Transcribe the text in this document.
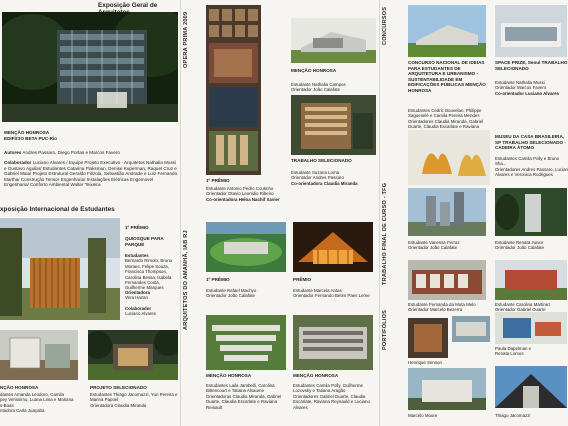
Exposição Geral de
MENÇÃO HONROSA
EDIFÍCIO BETA PUC-Rio
Autores Andres Passaro, Diego Portas e Marcos Favero
Colaborador Luciano Alvares / Equipe Projeto Executivo - Arquitetos Nathalia Mussi e Gustavo Aguilar/ Estudantes Catarina Flaksman, Denise Kuperman, Raquel Cruz e Gabriel Maia/ Projeto Estrutural Geraldo Filizola, Sebastião Andrade e Luiz Fernando Martha/ Construção Tensor Engenharia/ Instalações Elétricas Engemovel Engenharia/ Conforto Ambiental Walter Teixeira
xposição Internacional de Estudantes
1º PRÊMIO
QUIOSQUE PARA PARQUE
Estudantes
Bernardo Rimolo, Bruno Moraes, Felipe Souza, Francisca Thompson, Carolina Bessa, Isabela Fernandes Costa, Guilherme Marques
Orientadora
Vera Hazan
Colaborador
Luciano Alvares
NÇÃO HONROSA
dantes Amanda Leodoro, Camila
pey Verissimo, Luana Lima e Mariana
s-Boas
ntadora Carla Juaçaba
PROJETO SELECIONADO
Estudantes Thiago Jacomazzi, Yuri Pereira e Marina Papoel
Orientadora Claudia Miranda
OPERA PRIMA 2009
ARQUITETOS DO AMANHÃ, IAB RJ
1º PRÊMIO
Estudante Antonio Pedro Coutinho
Orientador Otavio Leonidio Ribeiro
Co-orientadora Heloa Nachif Xavier
MENÇÃO HONROSA
Estudante Nathalia Campos
Orientador João Calafate
TRABALHO SELECIONADO
Estudante Suzana Loma
Orientador Andres Passaro
Co-orientadora Claudia Miranda
1º PRÊMIO
Estudante Rafael Machyo
Orientador João Calafate
PRÊMIO
Estudante Marcela Antas
Orientador Fernando Betim Paes Leme
MENÇÃO HONROSA
Estudantes Laila Jambelli, Carolina Bittencourt e Tatiana Alsaume
Orientadoras Claudia Miranda, Gabriel Duarte, Claudia Escarlate e Raviana Reinault
MENÇÃO HONROSA
Estudantes Camila Polly, Guilherme Lozovsky e Tatiana Aragão
Orientadores Gabriel Duarte, Claudia Escarlate, Raviana Reynauld e Luciano Alvares
CONCURSOS
TRABALHO FINAL DE CURSO - TFG
PORTIFÓLIOS
CONCURSO NACIONAL DE IDEIAS PARA ESTUDANTES DE ARQUITETURA E URBANISMO - SUSTENTABILIDADE EM EDIFICAÇÕES PÚBLICAS MENÇÃO HONROSA
SPACE PRIZE, Seoul TRABALHO SELECIONADO
Estudante Nathalia Mussi
Orientador Marcos Favero
Co-orientador Luciano Alvares
Estudantes Cédric Bouvelan, Philippe Sagueselé e Camila Pereira Mendes
Orientadores Claudia Miranda, Gabriel Duarte, Claudia Escarlate e Raviana
MUSEU DA CASA BRASILEIRA, SP TRABALHO SELECIONADO - CADEIRA ÁTOMO
Estudantes Camila Polly e Bruno Sha...
Orientadores Andres Passaro, Lucian Alvares e Veronica Rodrigues
Estudante Vanessa Ferraz
Orientador João Calafate
Estudante Renata Junior
Orientador João Calafate
Estudante Fernanda da Mota Melo
Orientador Marcelo Bezerra
Estudante Carolina Martinez
Orientador Gabriel Duarte
Paula Dapelman e
Renata Lomos
Henrique Senson
Marcelo Moore	Thiago Jacomazzi
